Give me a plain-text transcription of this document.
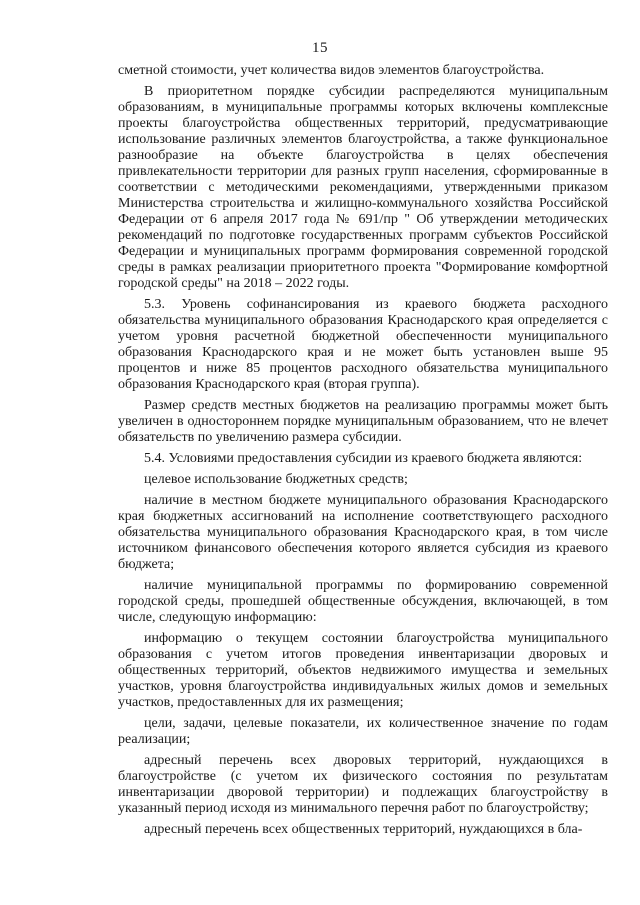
15

сметной стоимости, учет количества видов элементов благоустройства.

В приоритетном порядке субсидии распределяются муниципальным образованиям, в муниципальные программы которых включены комплексные проекты благоустройства общественных территорий, предусматривающие использование различных элементов благоустройства, а также функциональное разнообразие на объекте благоустройства в целях обеспечения привлекательности территории для разных групп населения, сформированные в соответствии с методическими рекомендациями, утвержденными приказом Министерства строительства и жилищно-коммунального хозяйства Российской Федерации от 6 апреля 2017 года № 691/пр " Об утверждении методических рекомендаций по подготовке государственных программ субъектов Российской Федерации и муниципальных программ формирования современной городской среды в рамках реализации приоритетного проекта "Формирование комфортной городской среды" на 2018 – 2022 годы.

5.3. Уровень софинансирования из краевого бюджета расходного обязательства муниципального образования Краснодарского края определяется с учетом уровня расчетной бюджетной обеспеченности муниципального образования Краснодарского края и не может быть установлен выше 95 процентов и ниже 85 процентов расходного обязательства муниципального образования Краснодарского края (вторая группа).

Размер средств местных бюджетов на реализацию программы может быть увеличен в одностороннем порядке муниципальным образованием, что не влечет обязательств по увеличению размера субсидии.

5.4. Условиями предоставления субсидии из краевого бюджета являются:

целевое использование бюджетных средств;

наличие в местном бюджете муниципального образования Краснодарского края бюджетных ассигнований на исполнение соответствующего расходного обязательства муниципального образования Краснодарского края, в том числе источником финансового обеспечения которого является субсидия из краевого бюджета;

наличие муниципальной программы по формированию современной городской среды, прошедшей общественные обсуждения, включающей, в том числе, следующую информацию:

информацию о текущем состоянии благоустройства муниципального образования с учетом итогов проведения инвентаризации дворовых и общественных территорий, объектов недвижимого имущества и земельных участков, уровня благоустройства индивидуальных жилых домов и земельных участков, предоставленных для их размещения;

цели, задачи, целевые показатели, их количественное значение по годам реализации;

адресный перечень всех дворовых территорий, нуждающихся в благоустройстве (с учетом их физического состояния по результатам инвентаризации дворовой территории) и подлежащих благоустройству в указанный период исходя из минимального перечня работ по благоустройству;

адресный перечень всех общественных территорий, нуждающихся в бла-
